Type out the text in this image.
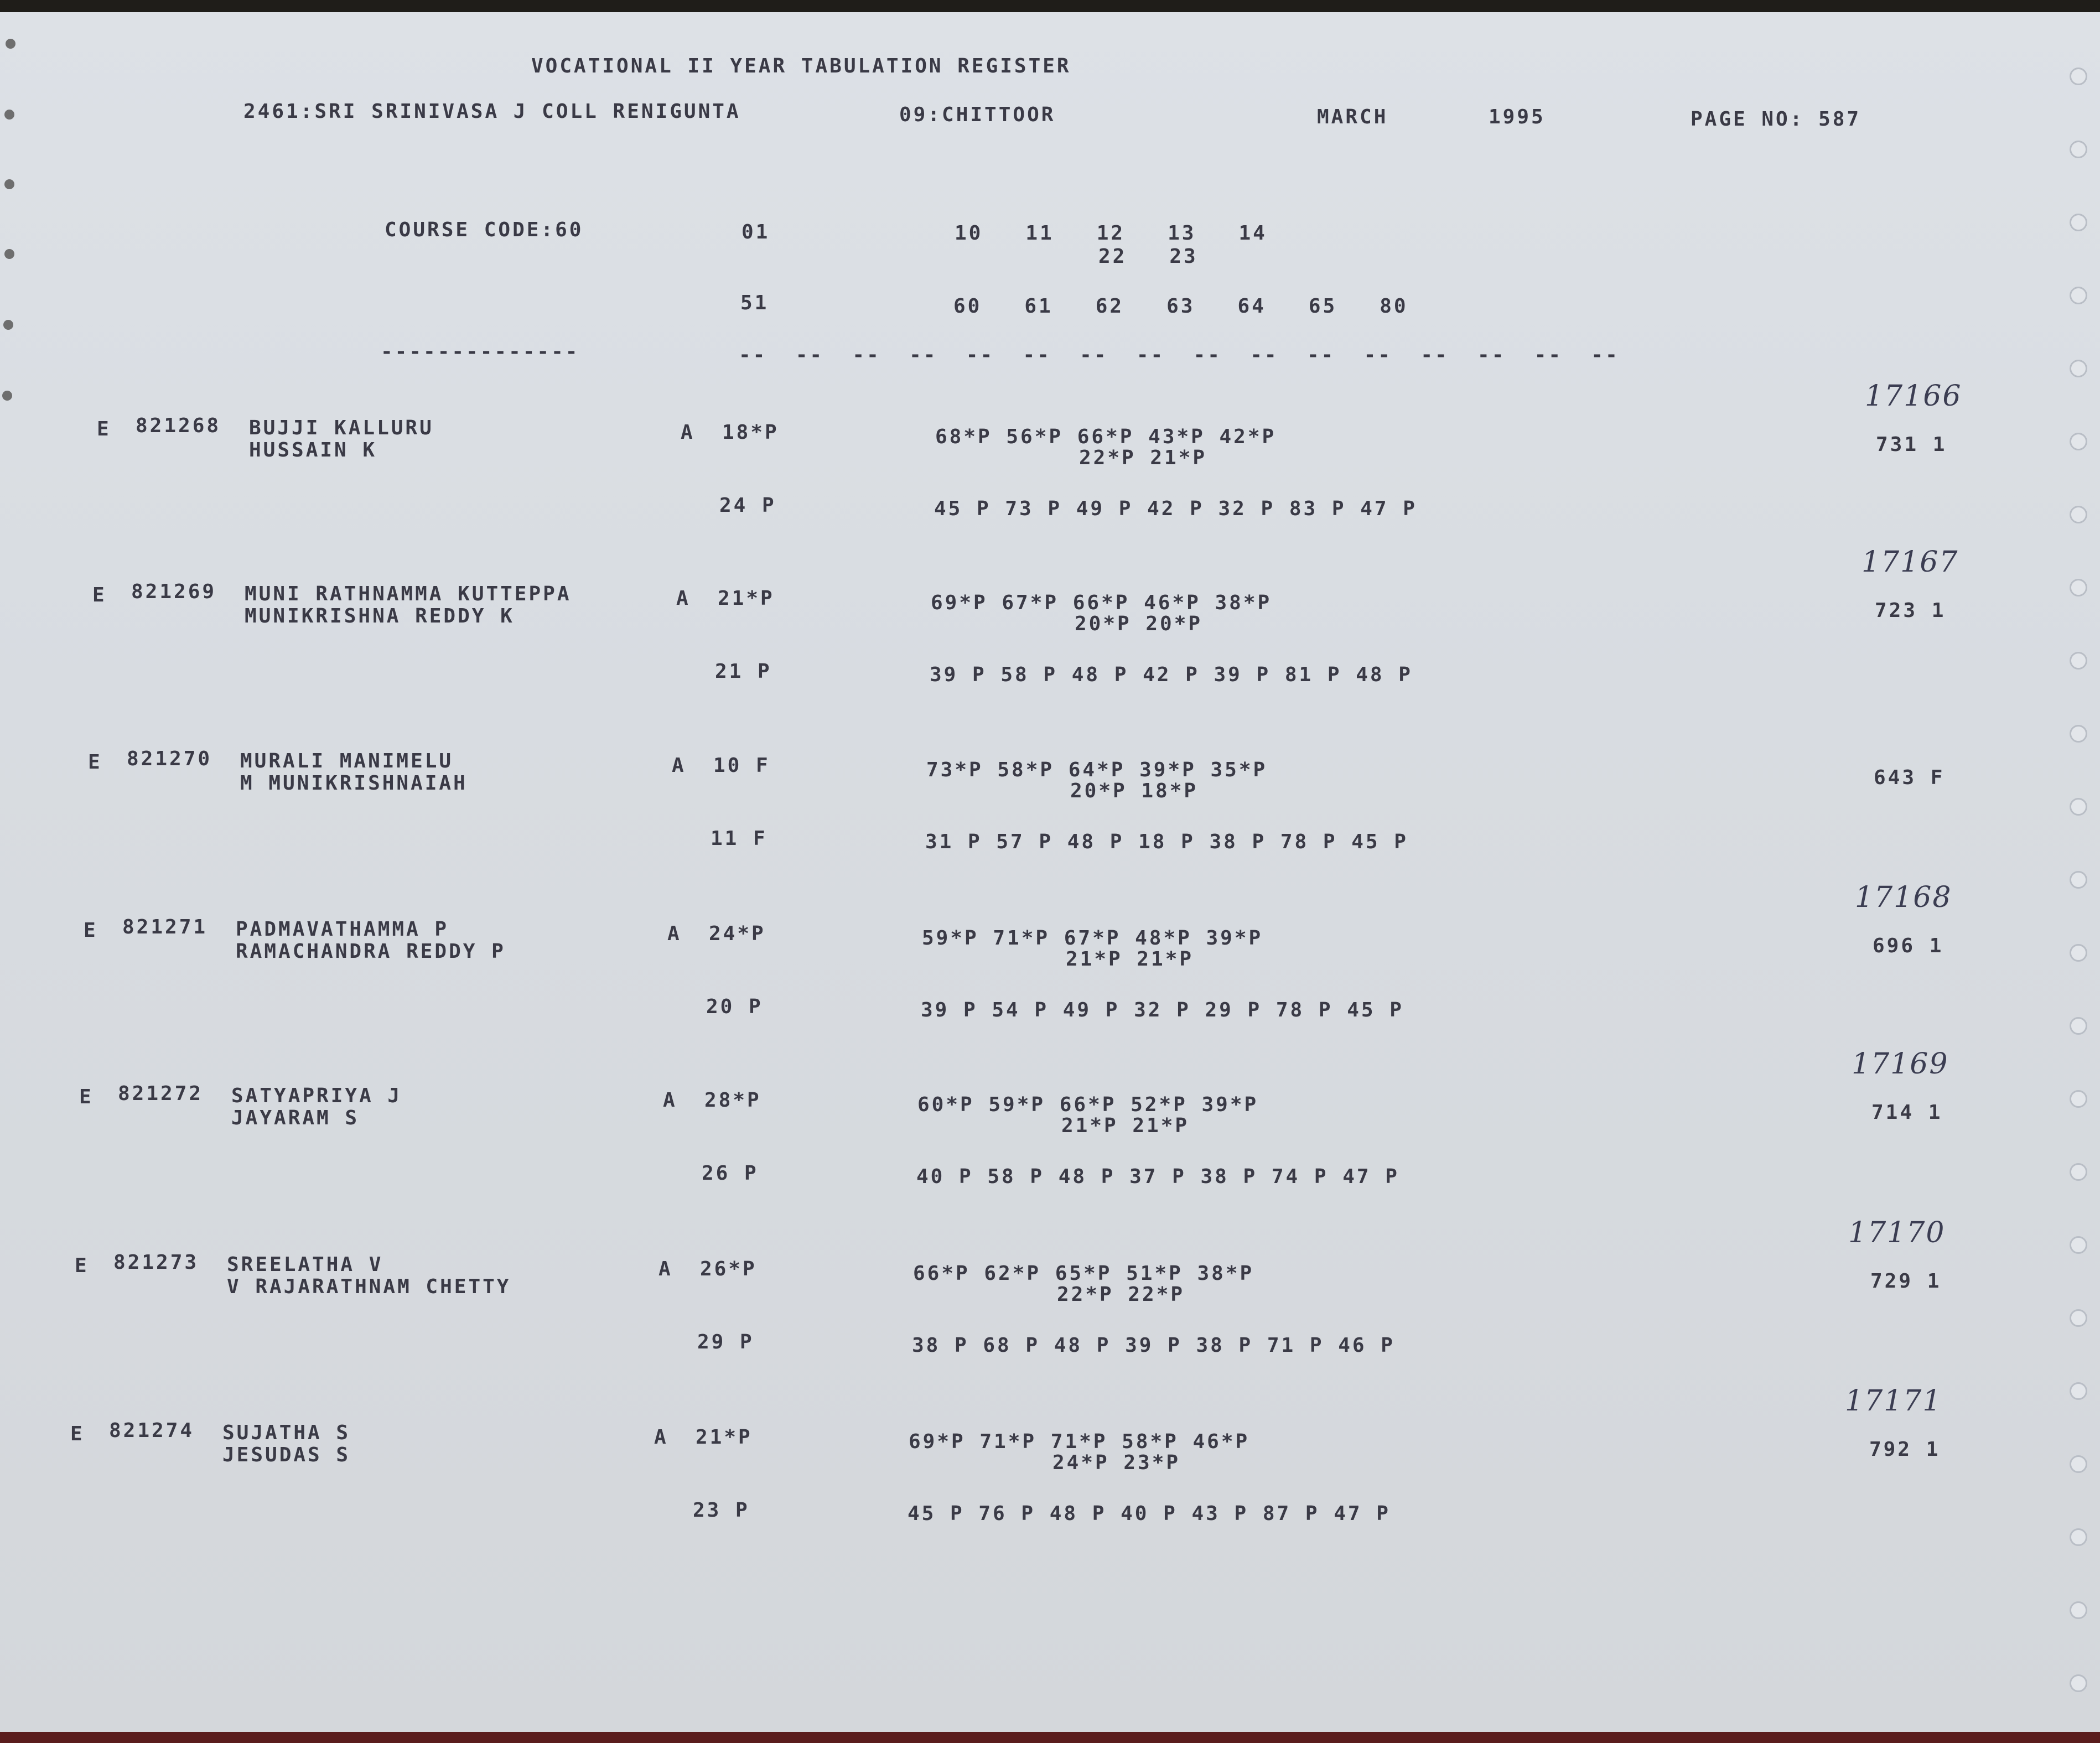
VOCATIONAL II YEAR TABULATION REGISTER
2461:SRI SRINIVASA J COLL RENIGUNTA	09:CHITTOOR	MARCH	1995	PAGE NO: 587
COURSE CODE:60	01	10   11   12   13   14
22   23
51	60   61   62   63   64   65   80
--------------	--  --  --  --  --  --  --  --  --  --  --  --  --  --  --  --
E 821268 BUJJI KALLURU
HUSSAIN K
A 18*P	68*P 56*P 66*P 43*P 42*P
22*P 21*P
24 P	45 P 73 P 49 P 42 P 32 P 83 P 47 P
731 1
17166
E 821269 MUNI RATHNAMMA KUTTEPPA
MUNIKRISHNA REDDY K
A 21*P	69*P 67*P 66*P 46*P 38*P
20*P 20*P
21 P	39 P 58 P 48 P 42 P 39 P 81 P 48 P
723 1
17167
E 821270 MURALI MANIMELU
M MUNIKRISHNAIAH
A 10 F	73*P 58*P 64*P 39*P 35*P
20*P 18*P
11 F	31 P 57 P 48 P 18 P 38 P 78 P 45 P
643 F
E 821271 PADMAVATHAMMA P
RAMACHANDRA REDDY P
A 24*P	59*P 71*P 67*P 48*P 39*P
21*P 21*P
20 P	39 P 54 P 49 P 32 P 29 P 78 P 45 P
696 1
17168
E 821272 SATYAPRIYA J
JAYARAM S
A 28*P	60*P 59*P 66*P 52*P 39*P
21*P 21*P
26 P	40 P 58 P 48 P 37 P 38 P 74 P 47 P
714 1
17169
E 821273 SREELATHA V
V RAJARATHNAM CHETTY
A 26*P	66*P 62*P 65*P 51*P 38*P
22*P 22*P
29 P	38 P 68 P 48 P 39 P 38 P 71 P 46 P
729 1
17170
E 821274 SUJATHA S
JESUDAS S
A 21*P	69*P 71*P 71*P 58*P 46*P
24*P 23*P
23 P	45 P 76 P 48 P 40 P 43 P 87 P 47 P
792 1
17171
